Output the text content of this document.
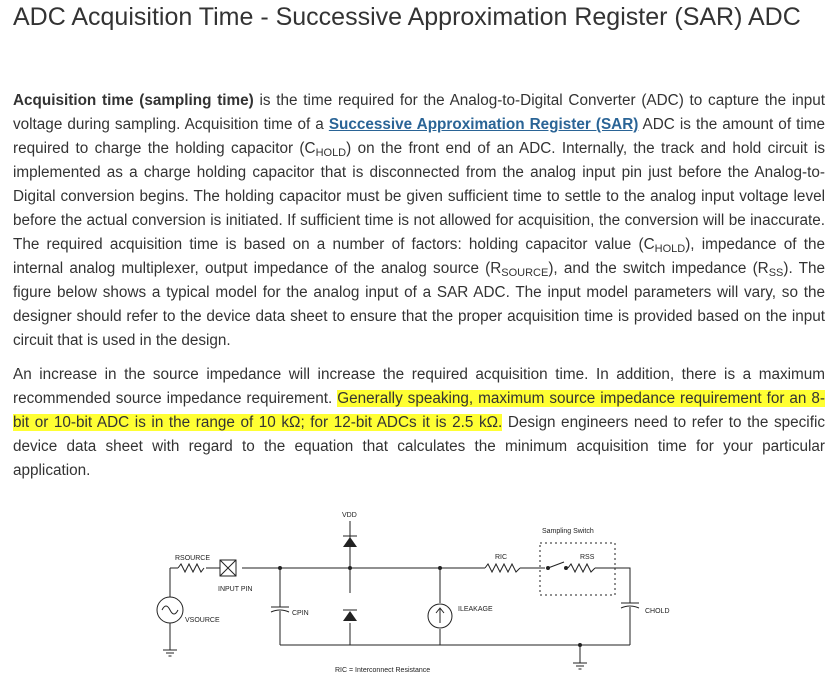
ADC Acquisition Time - Successive Approximation Register (SAR) ADC

Acquisition time (sampling time) is the time required for the Analog-to-Digital Converter (ADC) to capture the input voltage during sampling. Acquisition time of a Successive Approximation Register (SAR) ADC is the amount of time required to charge the holding capacitor $(C_{HOLD})$ on the front end of an ADC. Internally, the track and hold circuit is implemented as a charge holding capacitor that is disconnected from the analog input pin just before the Analog-to-Digital conversion begins. The holding capacitor must be given sufficient time to settle to the analog input voltage level before the actual conversion is initiated. If sufficient time is not allowed for acquisition, the conversion will be inaccurate. The required acquisition time is based on a number of factors: holding capacitor value $(C_{HOLD})$, impedance of the internal analog multiplexer, output impedance of the analog source $(R_{SOURCE})$, and the switch impedance $(R_{SS})$. The figure below shows a typical model for the analog input of a SAR ADC. The input model parameters will vary, so the designer should refer to the device data sheet to ensure that the proper acquisition time is provided based on the input circuit that is used in the design.

An increase in the source impedance will increase the required acquisition time. In addition, there is a maximum recommended source impedance requirement. Generally speaking, maximum source impedance requirement for an 8-bit or 10-bit ADC is in the range of 10 kΩ; for 12-bit ADCs it is 2.5 kΩ. Design engineers need to refer to the specific device data sheet with regard to the equation that calculates the minimum acquisition time for your particular application.

RSOURCE
INPUT PIN
VSOURCE
CPIN
VDD
ILEAKAGE
RIC
Sampling Switch
RSS
CHOLD
RIC = Interconnect Resistance
